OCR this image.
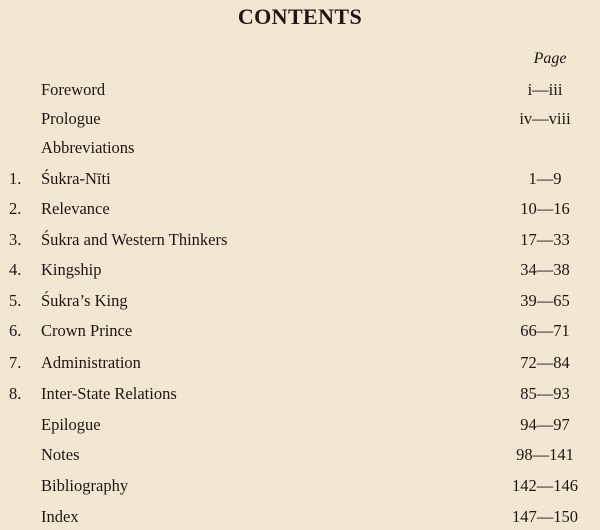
CONTENTS
Page
Foreword	i—iii
Prologue	iv—viii
Abbreviations
1.	Śukra-Nīti	1—9
2.	Relevance	10—16
3.	Śukra and Western Thinkers	17—33
4.	Kingship	34—38
5.	Śukra’s King	39—65
6.	Crown Prince	66—71
7.	Administration	72—84
8.	Inter-State Relations	85—93
Epilogue	94—97
Notes	98—141
Bibliography	142—146
Index	147—150
